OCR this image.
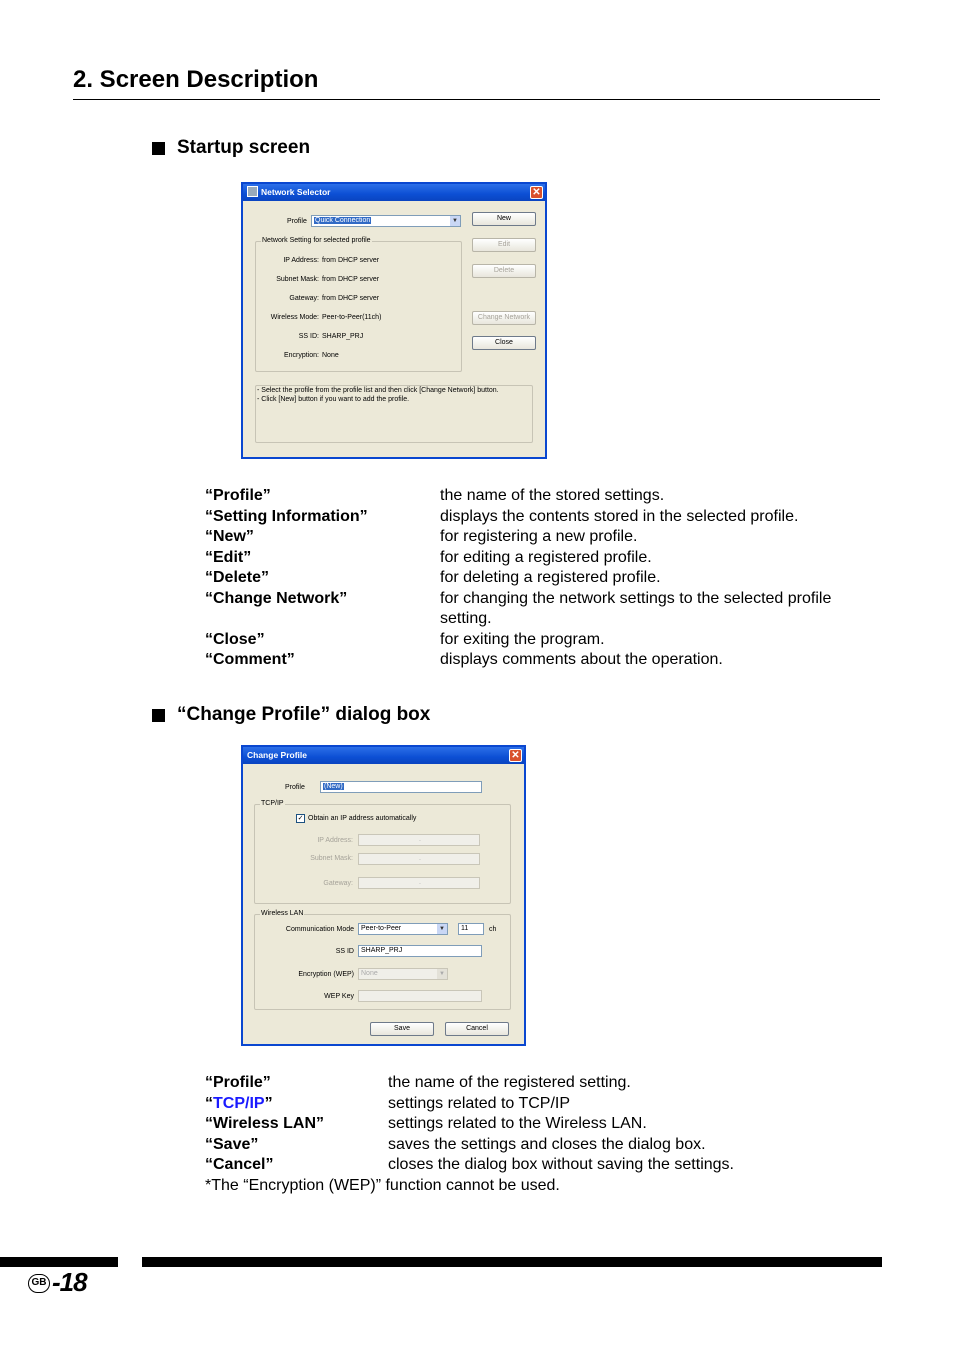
2. Screen Description
Startup screen
Network Selector	✕
Profile	Quick Connection	▼
Network Setting for selected profile
IP Address: from DHCP server
Subnet Mask: from DHCP server
Gateway: from DHCP server
Wireless Mode: Peer-to-Peer(11ch)
SS ID: SHARP_PRJ
Encryption: None
New
Edit
Delete
Change Network
Close
- Select the profile from the profile list and then click [Change Network] button.
- Click [New] button if you want to add the profile.
“Profile”	the name of the stored settings.
“Setting Information”	displays the contents stored in the selected profile.
“New”	for registering a new profile.
“Edit”	for editing a registered profile.
“Delete”	for deleting a registered profile.
“Change Network”	for changing the network settings to the selected profile setting.
“Close”	for exiting the program.
“Comment”	displays comments about the operation.
“Change Profile” dialog box
Change Profile	✕
Profile	(New)
TCP/IP
✓ Obtain an IP address automatically
IP Address:	.
Subnet Mask:	.
Gateway:	.
Wireless LAN
Communication Mode	Peer-to-Peer	▼	11	ch
SS ID	SHARP_PRJ
Encryption (WEP)	None	▼
WEP Key
Save	Cancel
“Profile”	the name of the registered setting.
“TCP/IP”	settings related to TCP/IP
“Wireless LAN”	settings related to the Wireless LAN.
“Save”	saves the settings and closes the dialog box.
“Cancel”	closes the dialog box without saving the settings.
*The “Encryption (WEP)” function cannot be used.
GB -18
